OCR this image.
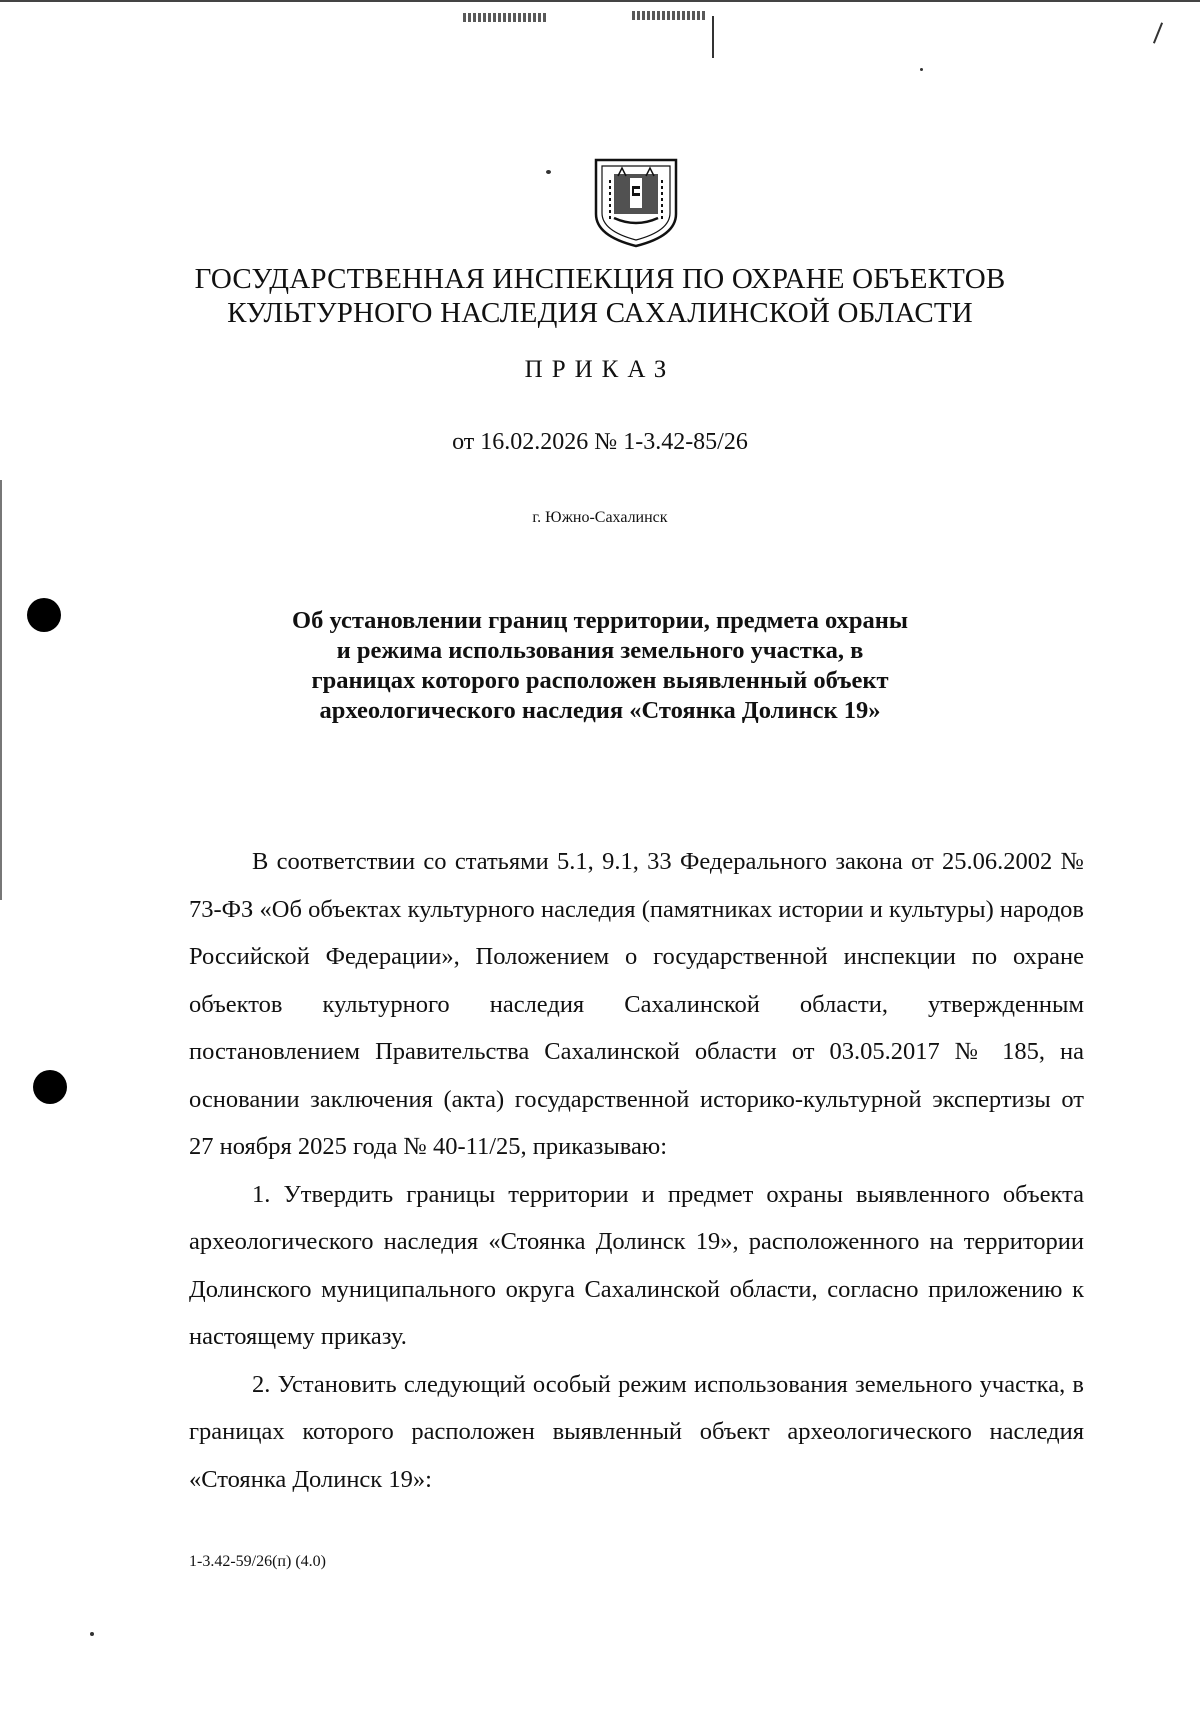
ГОСУДАРСТВЕННАЯ ИНСПЕКЦИЯ ПО ОХРАНЕ ОБЪЕКТОВ
КУЛЬТУРНОГО НАСЛЕДИЯ САХАЛИНСКОЙ ОБЛАСТИ
ПРИКАЗ
от 16.02.2026 № 1-3.42-85/26
г. Южно-Сахалинск
Об установлении границ территории, предмета охраны
и режима использования земельного участка, в
границах которого расположен выявленный объект
археологического наследия «Стоянка Долинск 19»

В соответствии со статьями 5.1, 9.1, 33 Федерального закона от 25.06.2002 № 73-ФЗ «Об объектах культурного наследия (памятниках истории и культуры) народов Российской Федерации», Положением о государственной инспекции по охране объектов культурного наследия Сахалинской области, утвержденным постановлением Правительства Сахалинской области от 03.05.2017 № 185, на основании заключения (акта) государственной историко-культурной экспертизы от 27 ноября 2025 года № 40-11/25, приказываю:

1. Утвердить границы территории и предмет охраны выявленного объекта археологического наследия «Стоянка Долинск 19», расположенного на территории Долинского муниципального округа Сахалинской области, согласно приложению к настоящему приказу.

2. Установить следующий особый режим использования земельного участка, в границах которого расположен выявленный объект археологического наследия «Стоянка Долинск 19»:

1-3.42-59/26(п) (4.0)
